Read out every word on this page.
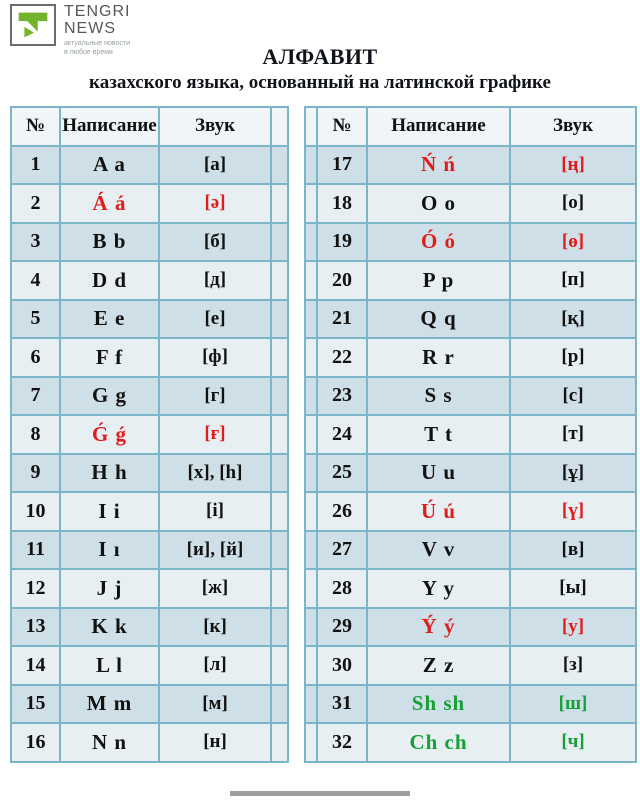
TENGRI
NEWS
актуальные новости
в любое время	АЛФАВИТ
казахского языка, основанный на латинской графике
№	Написание	Звук	
1	A a	[а]	
2	Á á	[ə]	
3	B b	[б]	
4	D d	[д]	
5	E e	[е]	
6	F f	[ф]	
7	G g	[г]	
8	Ǵ ǵ	[ғ]	
9	H h	[х], [h]	
10	I i	[і]	
11	I ı	[и], [й]	
12	J j	[ж]	
13	K k	[к]	
14	L l	[л]	
15	M m	[м]	
16	N n	[н]	
	№	Написание	Звук
	17	Ń ń	[ң]
	18	O o	[о]
	19	Ó ó	[ө]
	20	P p	[п]
	21	Q q	[қ]
	22	R r	[р]
	23	S s	[с]
	24	T t	[т]
	25	U u	[ұ]
	26	Ú ú	[ү]
	27	V v	[в]
	28	Y y	[ы]
	29	Ý ý	[у]
	30	Z z	[з]
	31	Sh sh	[ш]
	32	Ch ch	[ч]
